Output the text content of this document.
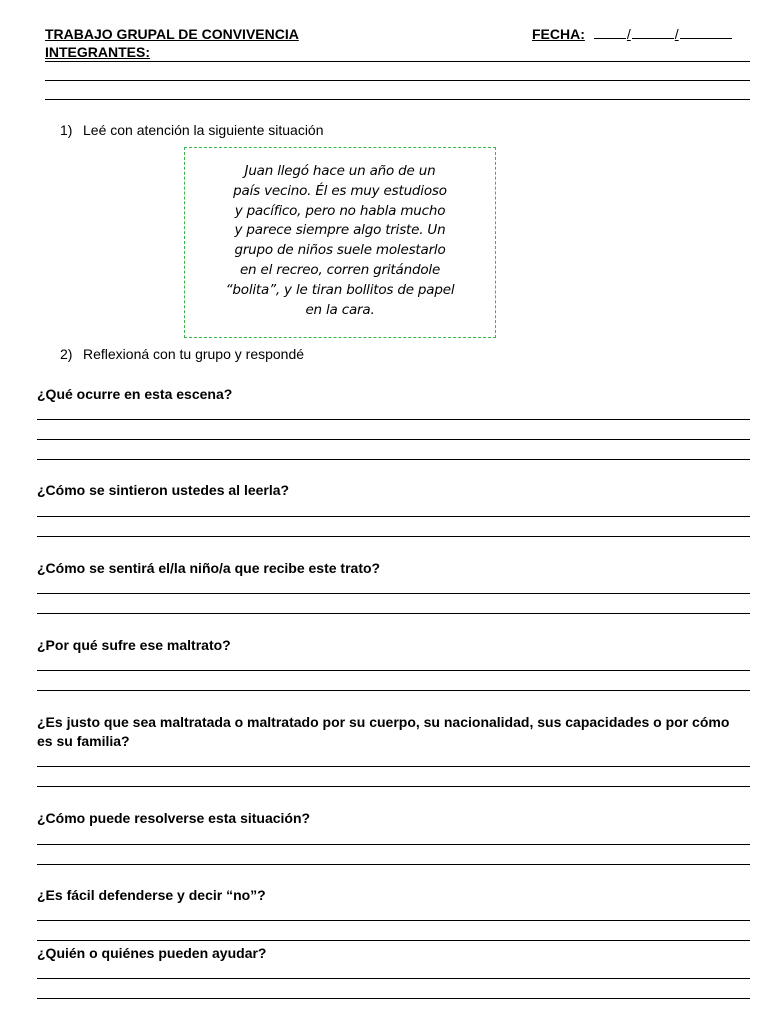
TRABAJO GRUPAL DE CONVIVENCIA	FECHA:	/	/
INTEGRANTES:
1) Leé con atención la siguiente situación
Juan llegó hace un año de un
país vecino. Él es muy estudioso
y pacífico, pero no habla mucho
y parece siempre algo triste. Un
grupo de niños suele molestarlo
en el recreo, corren gritándole
“bolita”, y le tiran bollitos de papel
en la cara.
2) Reflexioná con tu grupo y respondé
¿Qué ocurre en esta escena?
¿Cómo se sintieron ustedes al leerla?
¿Cómo se sentirá el/la niño/a que recibe este trato?
¿Por qué sufre ese maltrato?
¿Es justo que sea maltratada o maltratado por su cuerpo, su nacionalidad, sus capacidades o por cómo es su familia?
¿Cómo puede resolverse esta situación?
¿Es fácil defenderse y decir “no”?
¿Quién o quiénes pueden ayudar?
